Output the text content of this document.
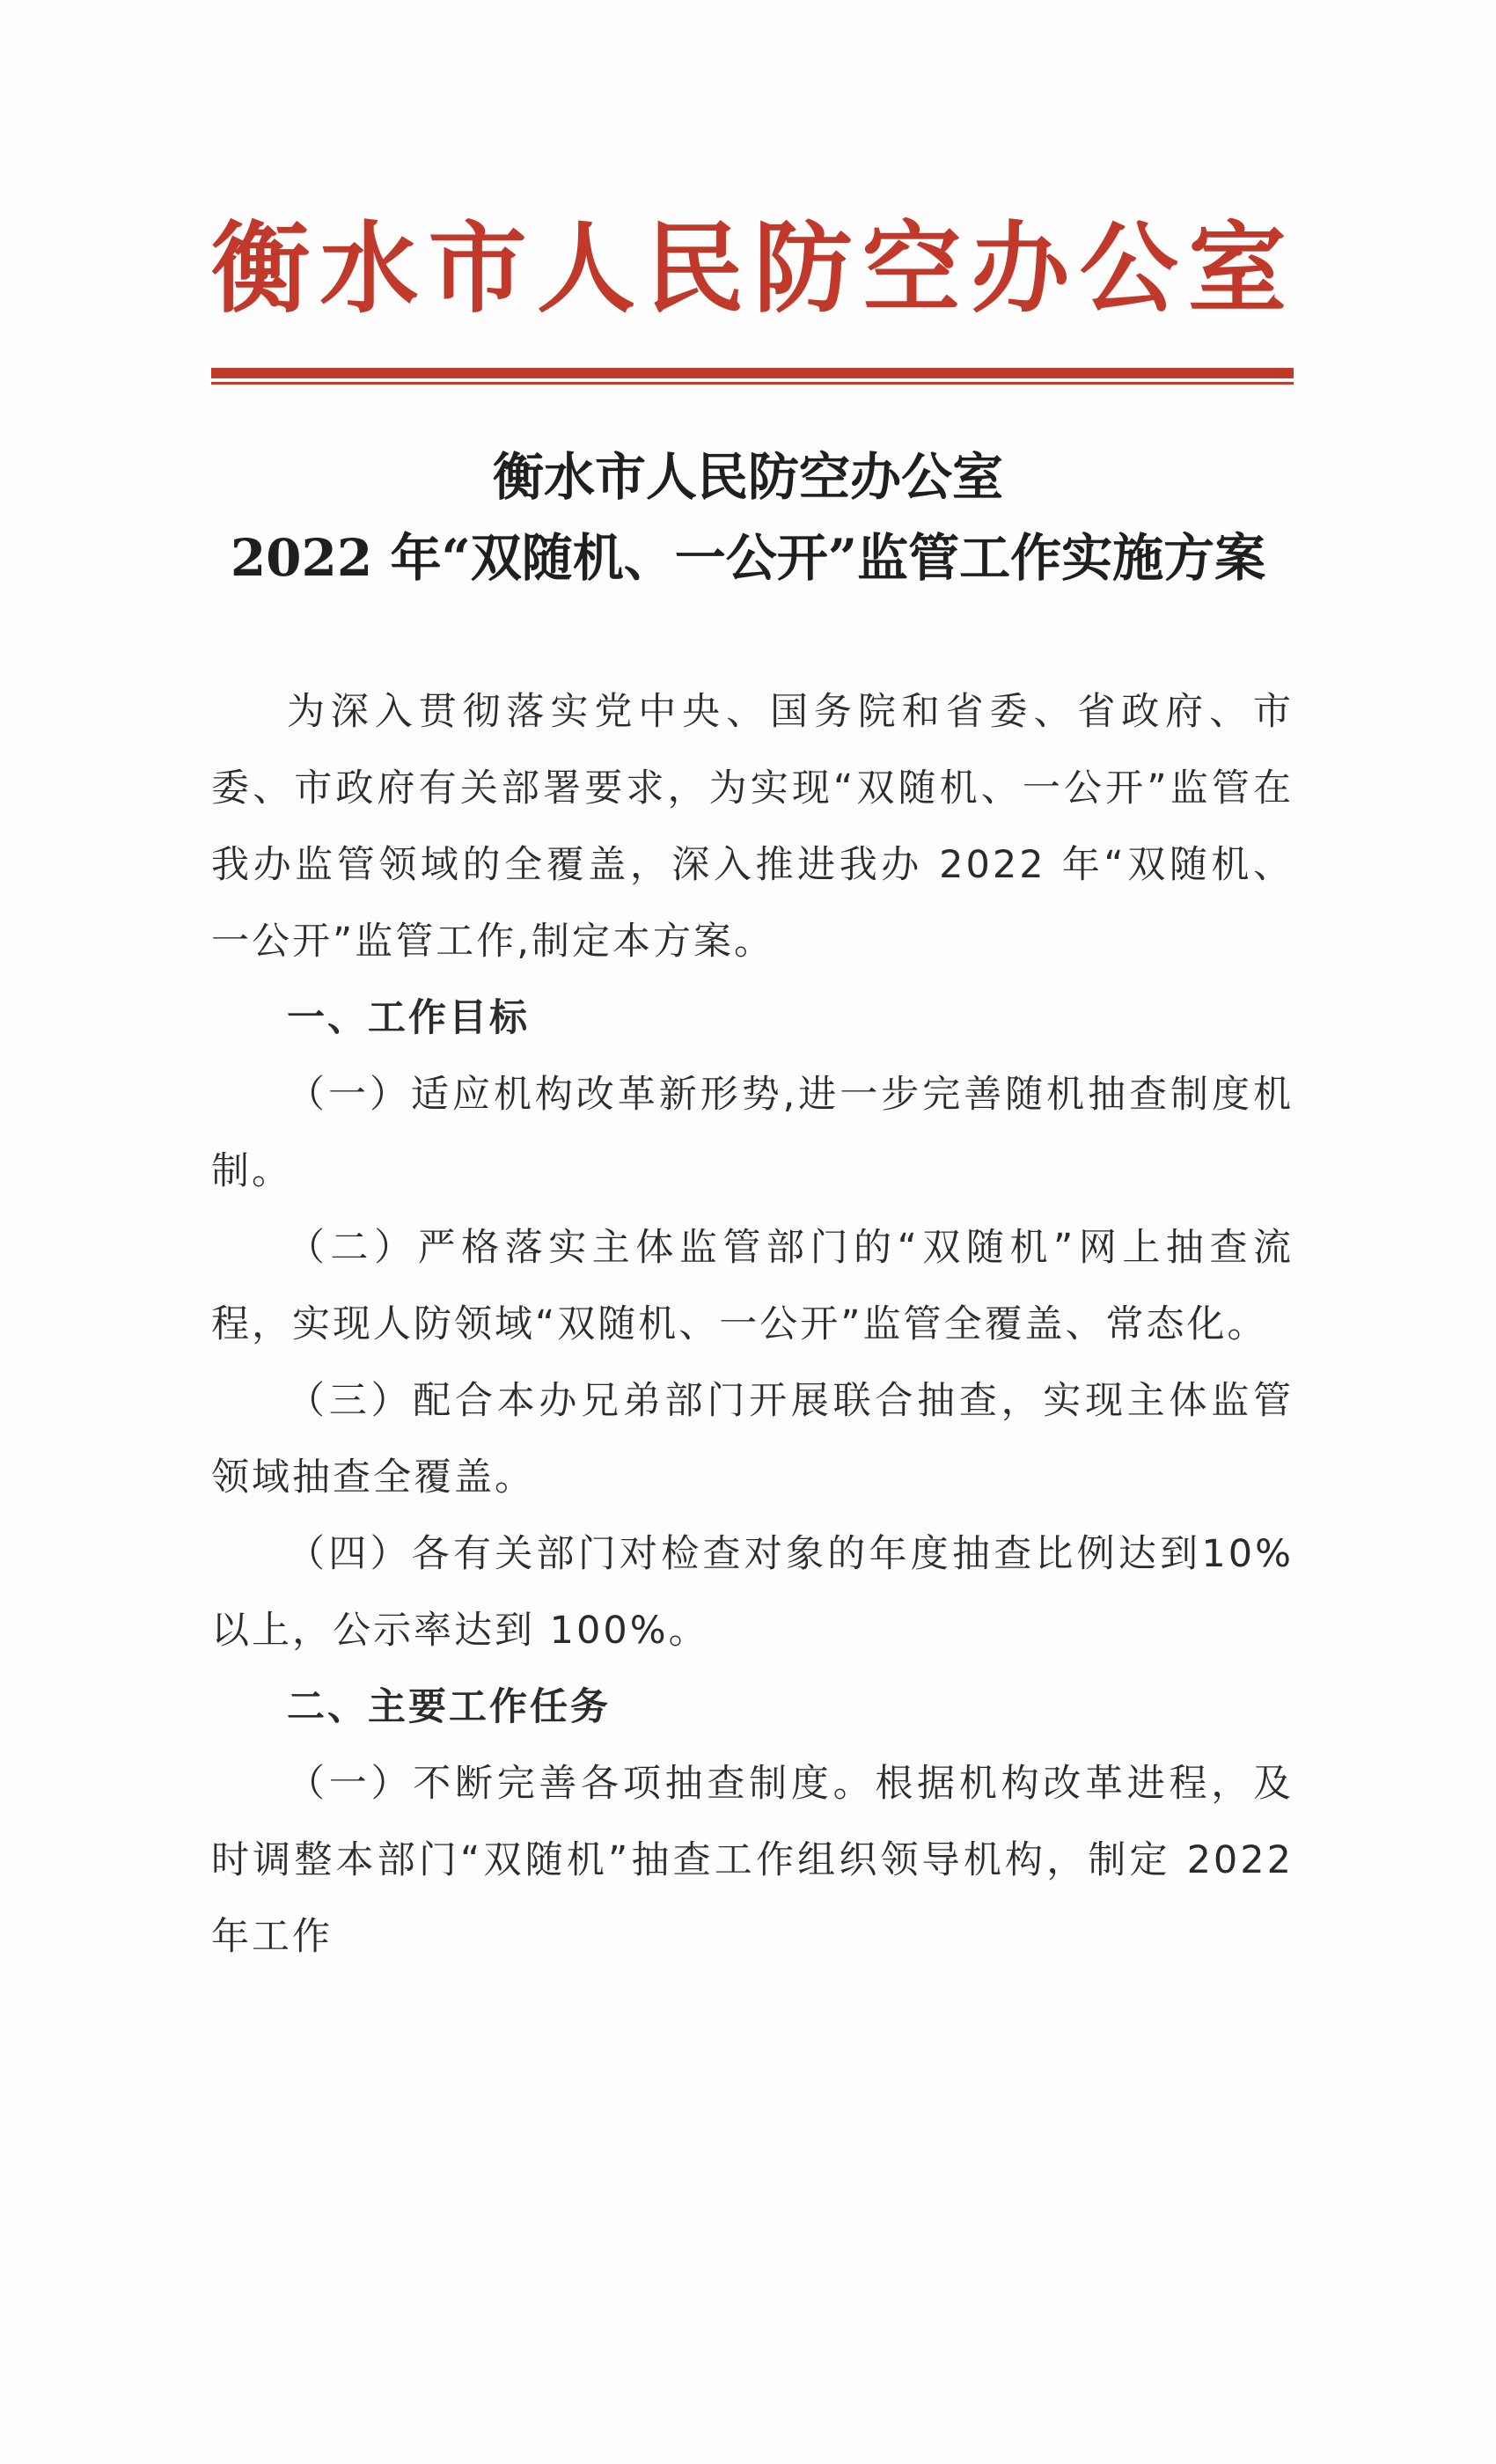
衡水市人民防空办公室
衡水市人民防空办公室
2022 年“双随机、一公开”监管工作实施方案

为深入贯彻落实党中央、国务院和省委、省政府、市委、市政府有关部署要求，为实现“双随机、一公开”监管在我办监管领域的全覆盖，深入推进我办 2022 年“双随机、一公开”监管工作,制定本方案。

一、工作目标

（一）适应机构改革新形势,进一步完善随机抽查制度机制。

（二）严格落实主体监管部门的“双随机”网上抽查流程，实现人防领域“双随机、一公开”监管全覆盖、常态化。

（三）配合本办兄弟部门开展联合抽查，实现主体监管领域抽查全覆盖。

（四）各有关部门对检查对象的年度抽查比例达到10%以上，公示率达到 100%。

二、主要工作任务

（一）不断完善各项抽查制度。根据机构改革进程，及时调整本部门“双随机”抽查工作组织领导机构，制定 2022 年工作
